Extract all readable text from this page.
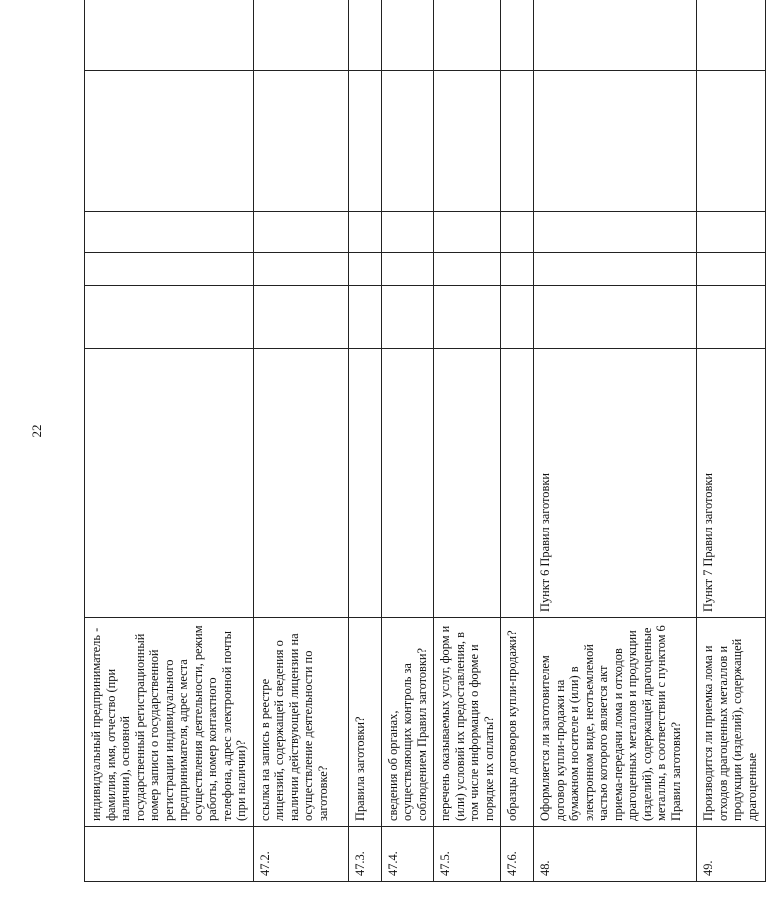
22
	индивидуальный предприниматель - фамилия, имя, отчество (при наличии), основной государственный регистрационный номер записи о государственной регистрации индивидуального предпринимателя, адрес места осуществления деятельности, режим работы, номер контактного телефона, адрес электронной почты (при наличии)?						
47.2.	ссылка на запись в реестре лицензий, содержащей сведения о наличии действующей лицензии на осуществление деятельности по заготовке?						
47.3.	Правила заготовки?						
47.4.	сведения об органах, осуществляющих контроль за соблюдением Правил заготовки?						
47.5.	перечень оказываемых услуг, форм и (или) условий их предоставления, в том числе информация о форме и порядке их оплаты?						
47.6.	образцы договоров купли-продажи?						
48.	Оформляется ли заготовителем договор купли-продажи на бумажном носителе и (или) в электронном виде, неотъемлемой частью которого является акт приема-передачи лома и отходов драгоценных металлов и продукции (изделий), содержащей драгоценные металлы, в соответствии с пунктом 6 Правил заготовки?	Пункт 6 Правил заготовки					
49.	Производится ли приемка лома и отходов драгоценных металлов и продукции (изделий), содержащей драгоценные	Пункт 7 Правил заготовки					
